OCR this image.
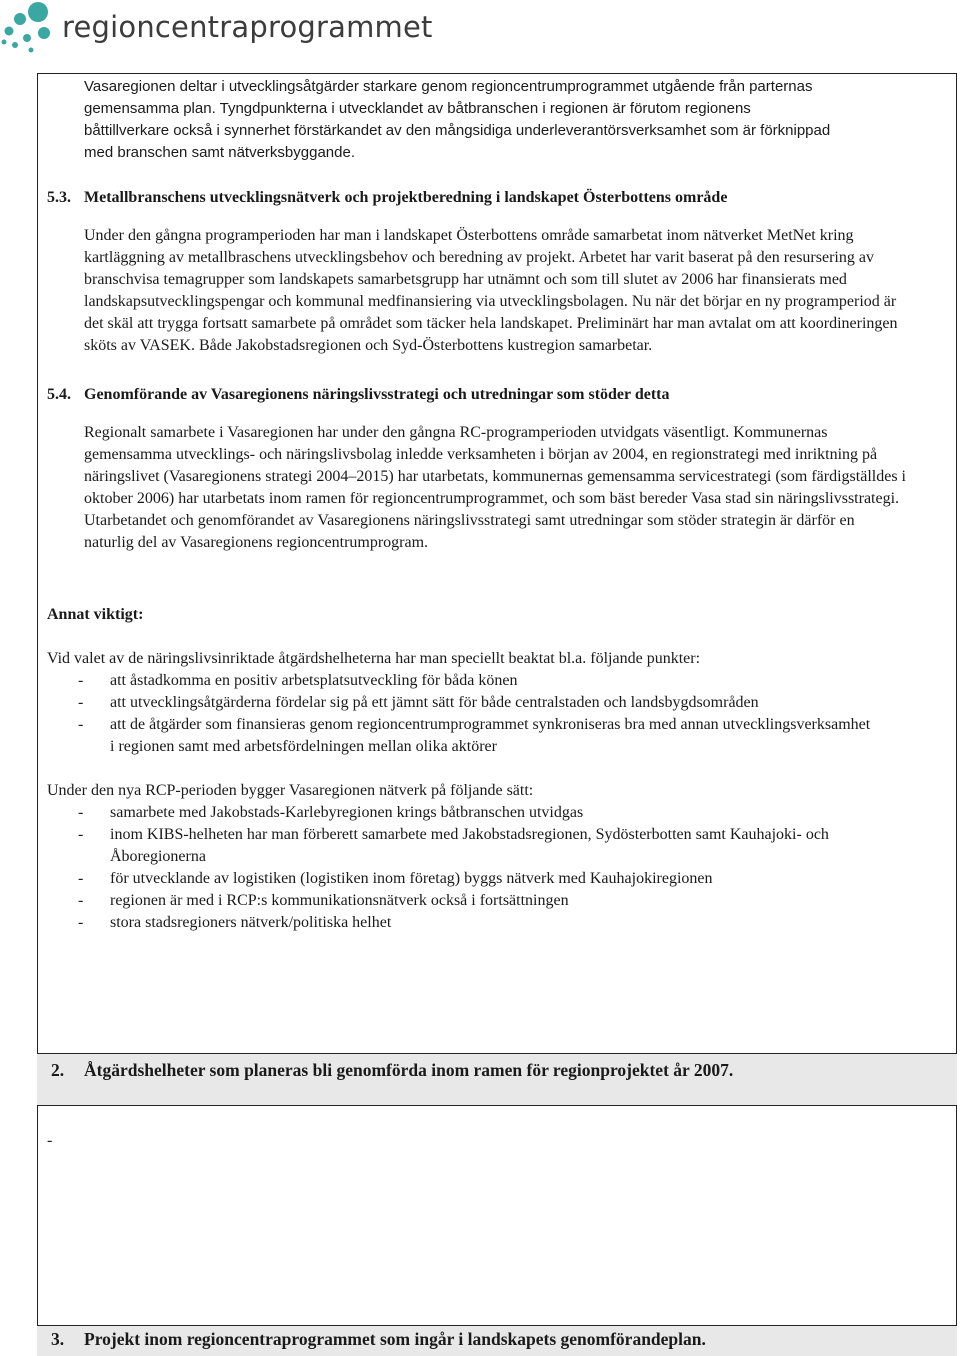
regioncentraprogrammet
Vasaregionen deltar i utvecklingsåtgärder starkare genom regioncentrumprogrammet utgående från parternas
gemensamma plan. Tyngdpunkterna i utvecklandet av båtbranschen i regionen är förutom regionens
båttillverkare också i synnerhet förstärkandet av den mångsidiga underleverantörsverksamhet som är förknippad
med branschen samt nätverksbyggande.
5.3. Metallbranschens utvecklingsnätverk och projektberedning i landskapet Österbottens område

Under den gångna programperioden har man i landskapet Österbottens område samarbetat inom nätverket MetNet kring kartläggning av metallbraschens utvecklingsbehov och beredning av projekt. Arbetet har varit baserat på den resursering av branschvisa temagrupper som landskapets samarbetsgrupp har utnämnt och som till slutet av 2006 har finansierats med landskapsutvecklingspengar och kommunal medfinansiering via utvecklingsbolagen. Nu när det börjar en ny programperiod är det skäl att trygga fortsatt samarbete på området som täcker hela landskapet. Preliminärt har man avtalat om att koordineringen sköts av VASEK. Både Jakobstadsregionen och Syd-Österbottens kustregion samarbetar.

5.4. Genomförande av Vasaregionens näringslivsstrategi och utredningar som stöder detta

Regionalt samarbete i Vasaregionen har under den gångna RC-programperioden utvidgats väsentligt. Kommunernas gemensamma utvecklings- och näringslivsbolag inledde verksamheten i början av 2004, en regionstrategi med inriktning på näringslivet (Vasaregionens strategi 2004–2015) har utarbetats, kommunernas gemensamma servicestrategi (som färdigställdes i oktober 2006) har utarbetats inom ramen för regioncentrumprogrammet, och som bäst bereder Vasa stad sin näringslivsstrategi. Utarbetandet och genomförandet av Vasaregionens näringslivsstrategi samt utredningar som stöder strategin är därför en naturlig del av Vasaregionens regioncentrumprogram.

Annat viktigt:

Vid valet av de näringslivsinriktade åtgärdshelheterna har man speciellt beaktat bl.a. följande punkter:

- att åstadkomma en positiv arbetsplatsutveckling för båda könen
- att utvecklingsåtgärderna fördelar sig på ett jämnt sätt för både centralstaden och landsbygdsområden
- att de åtgärder som finansieras genom regioncentrumprogrammet synkroniseras bra med annan utvecklingsverksamhet i regionen samt med arbetsfördelningen mellan olika aktörer

Under den nya RCP-perioden bygger Vasaregionen nätverk på följande sätt:

- samarbete med Jakobstads-Karlebyregionen krings båtbranschen utvidgas
- inom KIBS-helheten har man förberett samarbete med Jakobstadsregionen, Sydösterbotten samt Kauhajoki- och Åboregionerna
- för utvecklande av logistiken (logistiken inom företag) byggs nätverk med Kauhajokiregionen
- regionen är med i RCP:s kommunikationsnätverk också i fortsättningen
- stora stadsregioners nätverk/politiska helhet
2. Åtgärdshelheter som planeras bli genomförda inom ramen för regionprojektet år 2007.
-
3. Projekt inom regioncentraprogrammet som ingår i landskapets genomförandeplan.
